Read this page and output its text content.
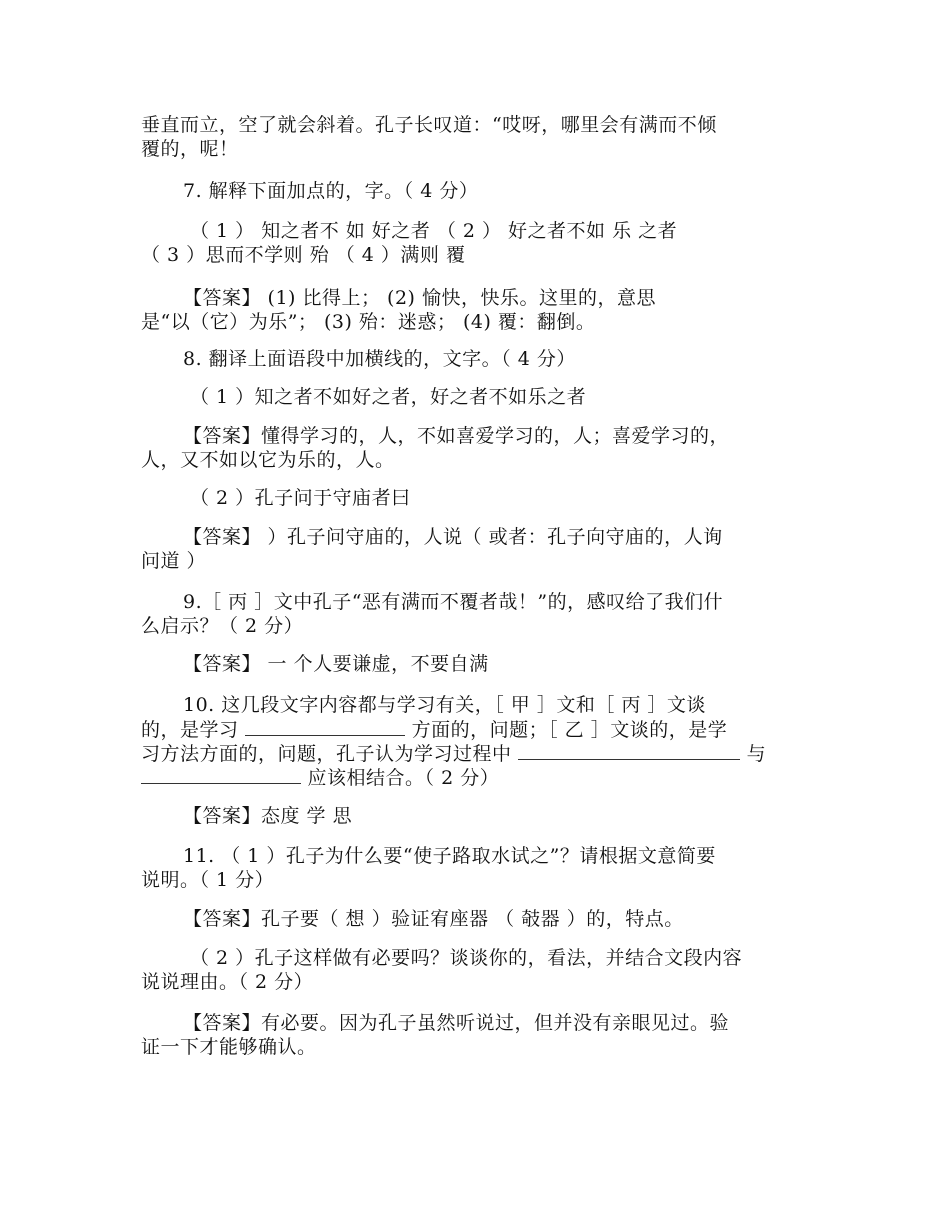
垂直而立，空了就会斜着。孔子长叹道：“哎呀，哪里会有满而不倾
覆的，呢！
7. 解释下面加点的，字。（ 4 分）
（ 1 ） 知之者不 如 好之者 （ 2 ） 好之者不如 乐 之者
（ 3 ）思而不学则 殆 （ 4 ）满则 覆
【答案】 (1) 比得上； (2) 愉快，快乐。这里的，意思
是“以（它）为乐”； (3) 殆：迷惑； (4) 覆：翻倒。
8. 翻译上面语段中加横线的，文字。（ 4 分）
（ 1 ）知之者不如好之者，好之者不如乐之者
【答案】懂得学习的，人，不如喜爱学习的，人；喜爱学习的，
人，又不如以它为乐的，人。
（ 2 ）孔子问于守庙者曰
【答案】 ）孔子问守庙的，人说（ 或者：孔子向守庙的，人询
问道 ）
9.［ 丙 ］文中孔子“恶有满而不覆者哉！”的，感叹给了我们什
么启示？（ 2 分）
【答案】 一 个人要谦虚，不要自满
10. 这几段文字内容都与学习有关，［ 甲 ］文和［ 丙 ］文谈
的，是学习	方面的，问题；［ 乙 ］文谈的，是学
习方法方面的，问题，孔子认为学习过程中	与
应该相结合。（ 2 分）
【答案】态度 学 思
11. （ 1 ）孔子为什么要“使子路取水试之”？请根据文意简要
说明。（ 1 分）
【答案】孔子要（ 想 ）验证宥座器 （ 攲器 ）的，特点。
（ 2 ）孔子这样做有必要吗？谈谈你的，看法，并结合文段内容
说说理由。（ 2 分）
【答案】有必要。因为孔子虽然听说过，但并没有亲眼见过。验
证一下才能够确认。
